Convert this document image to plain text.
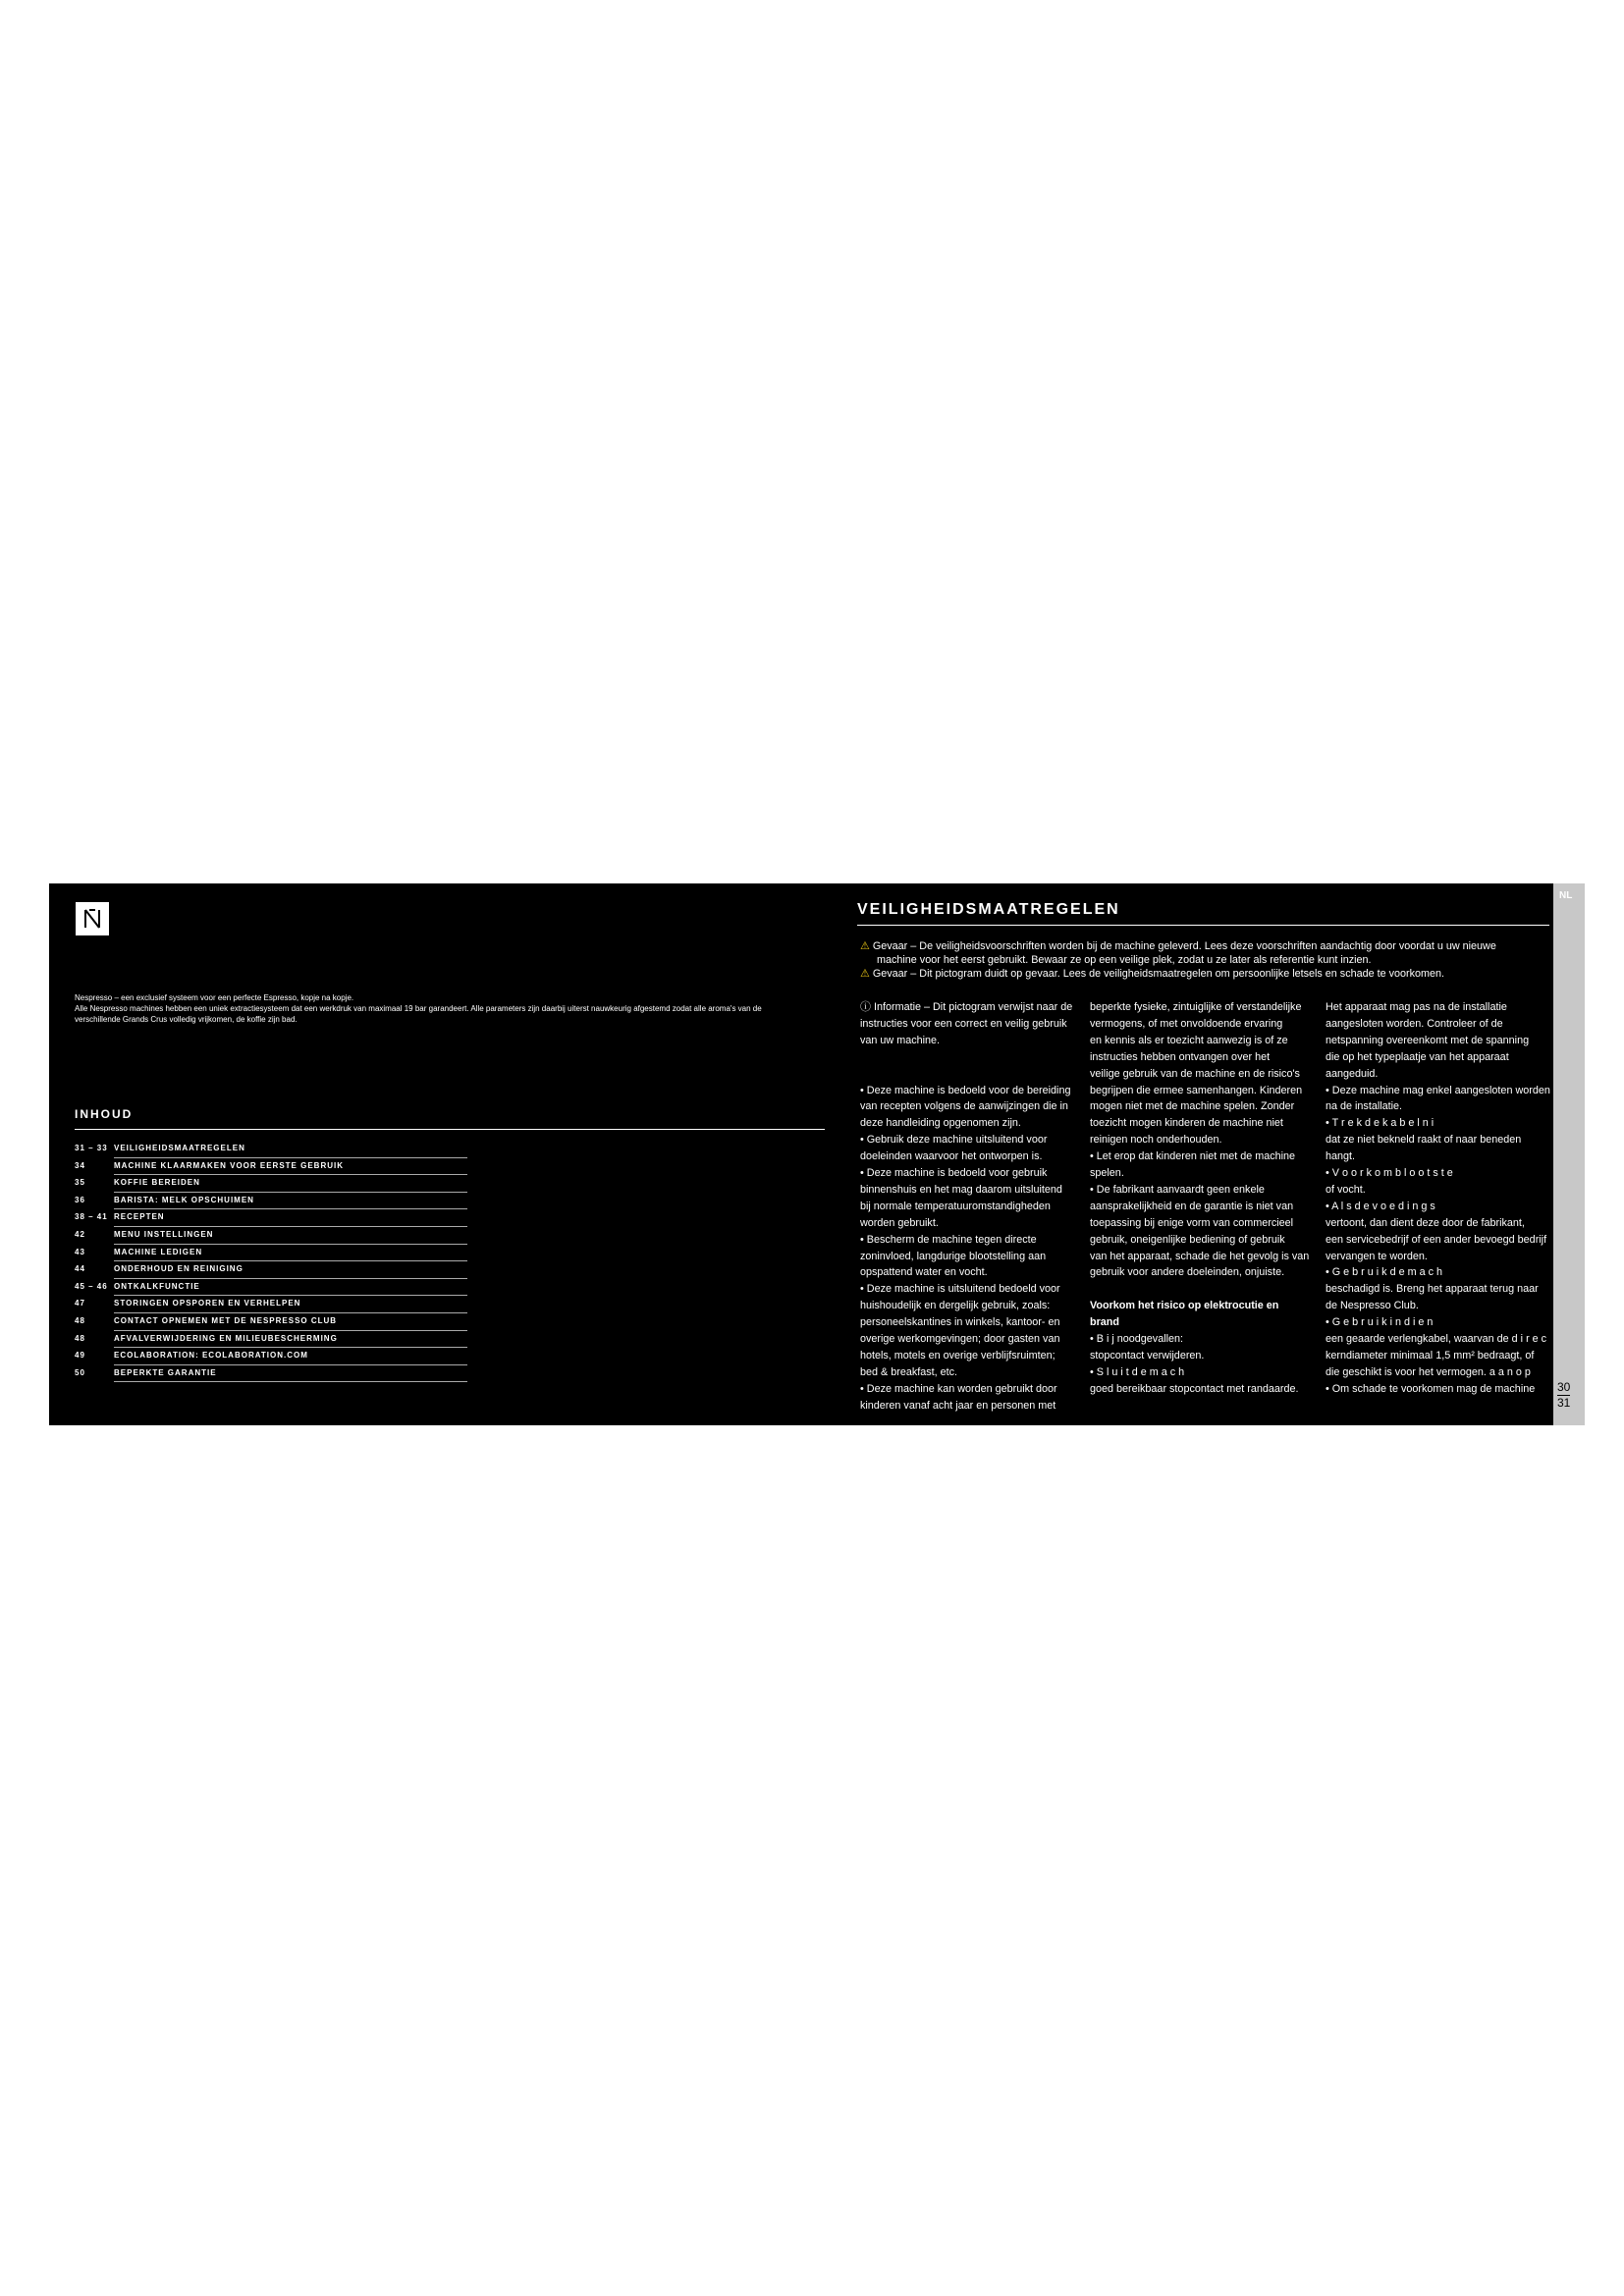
Nespresso – een exclusief systeem voor een perfecte Espresso, kopje na kopje.

Alle Nespresso machines hebben een uniek extractiesysteem dat een werkdruk van maximaal 19 bar garandeert. Alle parameters zijn daarbij uiterst nauwkeurig afgestemd zodat alle aroma's van de

verschillende Grands Crus volledig vrijkomen, de koffie zijn bad.

INHOUD
31 – 33 VEILIGHEIDSMAATREGELEN
34	MACHINE KLAARMAKEN VOOR EERSTE GEBRUIK
35	KOFFIE BEREIDEN
36	BARISTA: MELK OPSCHUIMEN
38 – 41 RECEPTEN
42	MENU INSTELLINGEN
43	MACHINE LEDIGEN
44	ONDERHOUD EN REINIGING
45 – 46 ONTKALKFUNCTIE
47	STORINGEN OPSPOREN EN VERHELPEN
48	CONTACT OPNEMEN MET DE NESPRESSO CLUB
48	AFVALVERWIJDERING EN MILIEUBESCHERMING
49	ECOLABORATION: ECOLABORATION.COM
50	BEPERKTE GARANTIE
VEILIGHEIDSMAATREGELEN
⚠ Gevaar – De veiligheidsvoorschriften worden bij de machine geleverd. Lees deze voorschriften aandachtig door voordat u uw nieuwe
machine voor het eerst gebruikt. Bewaar ze op een veilige plek, zodat u ze later als referentie kunt inzien.
⚠ Gevaar – Dit pictogram duidt op gevaar. Lees de veiligheidsmaatregelen om persoonlijke letsels en schade te voorkomen.
ⓘ Informatie – Dit pictogram verwijst naar de
instructies voor een correct en veilig gebruik
van uw machine.
• Deze machine is bedoeld voor de bereiding
van recepten volgens de aanwijzingen die in
deze handleiding opgenomen zijn.
• Gebruik deze machine uitsluitend voor
doeleinden waarvoor het ontworpen is.
• Deze machine is bedoeld voor gebruik
binnenshuis en het mag daarom uitsluitend
bij normale temperatuuromstandigheden
worden gebruikt.
• Bescherm de machine tegen directe
zoninvloed, langdurige blootstelling aan
opspattend water en vocht.
• Deze machine is uitsluitend bedoeld voor
huishoudelijk en dergelijk gebruik, zoals:
personeelskantines in winkels, kantoor- en
overige werkomgevingen; door gasten van
hotels, motels en overige verblijfsruimten;
bed & breakfast, etc.
• Deze machine kan worden gebruikt door
kinderen vanaf acht jaar en personen met
beperkte fysieke, zintuiglijke of verstandelijke
vermogens, of met onvoldoende ervaring
en kennis als er toezicht aanwezig is of ze
instructies hebben ontvangen over het
veilige gebruik van de machine en de risico's
begrijpen die ermee samenhangen. Kinderen
mogen niet met de machine spelen. Zonder
toezicht mogen kinderen de machine niet
reinigen noch onderhouden.
• Let erop dat kinderen niet met de machine
spelen.
• De fabrikant aanvaardt geen enkele
aansprakelijkheid en de garantie is niet van
toepassing bij enige vorm van commercieel
gebruik, oneigenlijke bediening of gebruik
van het apparaat, schade die het gevolg is van
gebruik voor andere doeleinden, onjuiste.
Voorkom het risico op elektrocutie en
brand
• B i j noodgevallen:
stopcontact verwijderen.
• S l u i t d e m a c h
goed bereikbaar stopcontact met randaarde.
Het apparaat mag pas na de installatie
aangesloten worden. Controleer of de
netspanning overeenkomt met de spanning
die op het typeplaatje van het apparaat
aangeduid.
• Deze machine mag enkel aangesloten worden
na de installatie.
• T r e k d e k a b e l n i
dat ze niet bekneld raakt of naar beneden
hangt.
• V o o r k o m b l o o t s t e
of vocht.
• A l s d e v o e d i n g s
vertoont, dan dient deze door de fabrikant,
een servicebedrijf of een ander bevoegd bedrijf
vervangen te worden.
• G e b r u i k d e m a c h
beschadigd is. Breng het apparaat terug naar
de Nespresso Club.
• G e b r u i k i n d i e n
een geaarde verlengkabel, waarvan de d i r e c
kerndiameter minimaal 1,5 mm² bedraagt, of
die geschikt is voor het vermogen. a a n o p
• Om schade te voorkomen mag de machine
NL
30
31
